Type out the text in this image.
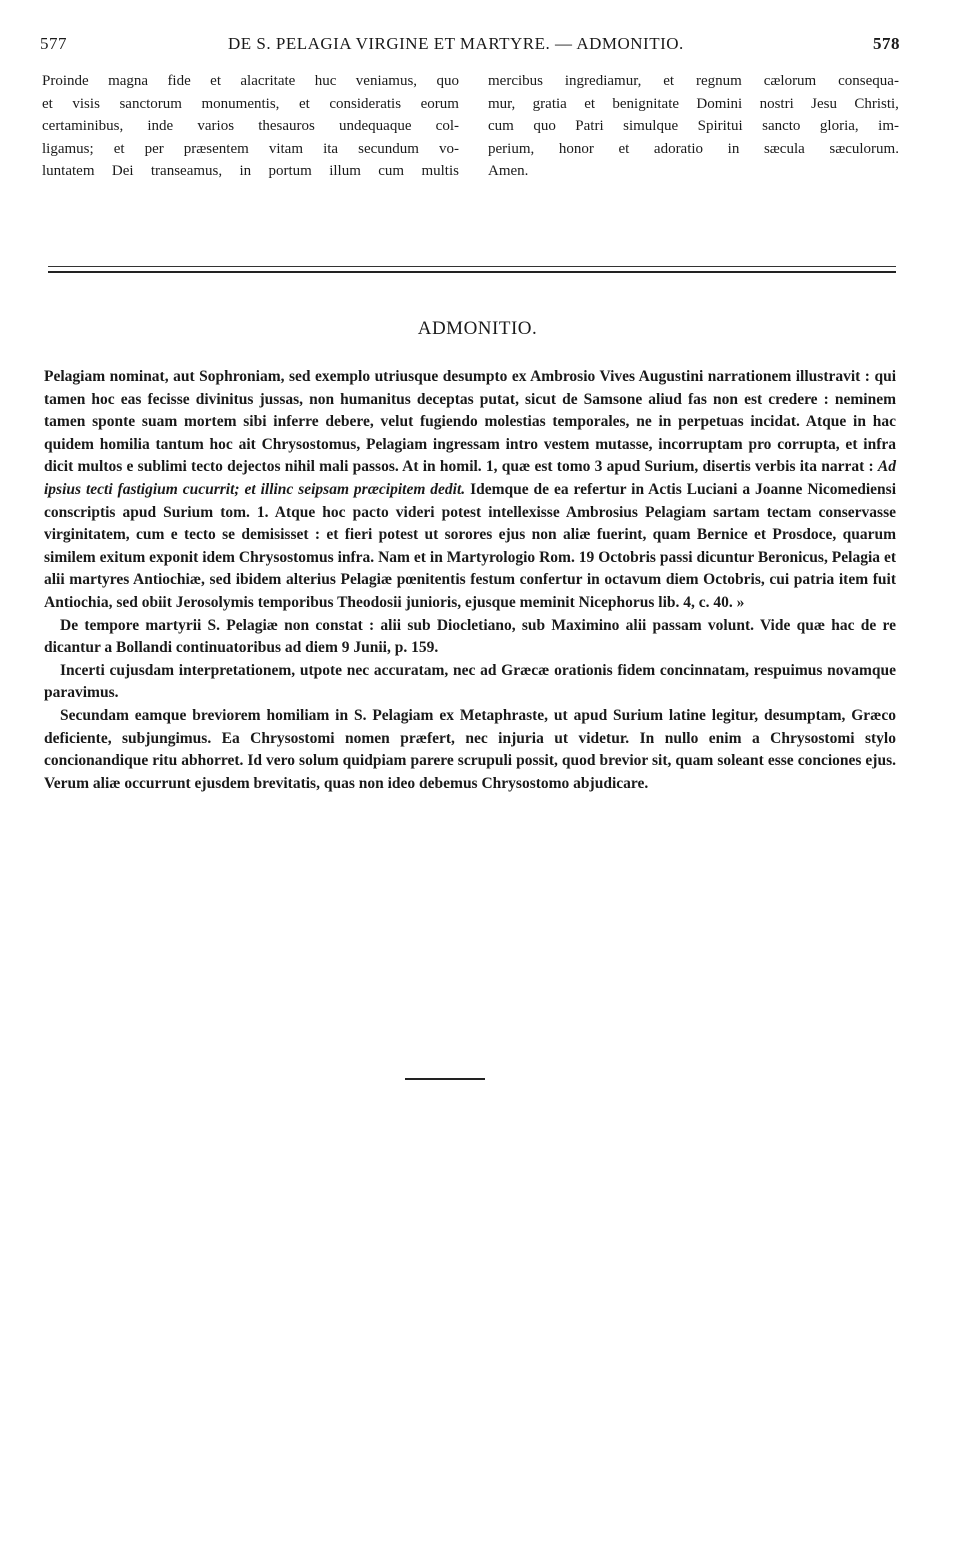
577	DE S. PELAGIA VIRGINE ET MARTYRE. — ADMONITIO.	578
Proinde magna fide et alacritate huc veniamus, quo
et visis sanctorum monumentis, et consideratis eorum
certaminibus, inde varios thesauros undequaque col-
ligamus; et per præsentem vitam ita secundum vo-
luntatem Dei transeamus, in portum illum cum multis
mercibus ingrediamur, et regnum cælorum consequa-
mur, gratia et benignitate Domini nostri Jesu Christi,
cum quo Patri simulque Spiritui sancto gloria, im-
perium, honor et adoratio in sæcula sæculorum.
Amen.
ADMONITIO.

Pelagiam nominat, aut Sophroniam, sed exemplo utriusque desumpto ex Ambrosio Vives Augustini narrationem illustravit : qui tamen hoc eas fecisse divinitus jussas, non humanitus deceptas putat, sicut de Samsone aliud fas non est credere : neminem tamen sponte suam mortem sibi inferre debere, velut fugiendo molestias temporales, ne in perpetuas incidat. Atque in hac quidem homilia tantum hoc ait Chrysostomus, Pelagiam ingressam intro vestem mutasse, incorruptam pro corrupta, et infra dicit multos e sublimi tecto dejectos nihil mali passos. At in homil. 1, quæ est tomo 3 apud Surium, disertis verbis ita narrat : Ad ipsius tecti fastigium cucurrit; et illinc seipsam præcipitem dedit. Idemque de ea refertur in Actis Luciani a Joanne Nicomediensi conscriptis apud Surium tom. 1. Atque hoc pacto videri potest intellexisse Ambrosius Pelagiam sartam tectam conservasse virginitatem, cum e tecto se demisisset : et fieri potest ut sorores ejus non aliæ fuerint, quam Bernice et Prosdoce, quarum similem exitum exponit idem Chrysostomus infra. Nam et in Martyrologio Rom. 19 Octobris passi dicuntur Beronicus, Pelagia et alii martyres Antiochiæ, sed ibidem alterius Pelagiæ pœnitentis festum confertur in octavum diem Octobris, cui patria item fuit Antiochia, sed obiit Jerosolymis temporibus Theodosii junioris, ejusque meminit Nicephorus lib. 4, c. 40. »

De tempore martyrii S. Pelagiæ non constat : alii sub Diocletiano, sub Maximino alii passam volunt. Vide quæ hac de re dicantur a Bollandi continuatoribus ad diem 9 Junii, p. 159.

Incerti cujusdam interpretationem, utpote nec accuratam, nec ad Græcæ orationis fidem concinnatam, respuimus novamque paravimus.

Secundam eamque breviorem homiliam in S. Pelagiam ex Metaphraste, ut apud Surium latine legitur, desumptam, Græco deficiente, subjungimus. Ea Chrysostomi nomen præfert, nec injuria ut videtur. In nullo enim a Chrysostomi stylo concionandique ritu abhorret. Id vero solum quidpiam parere scrupuli possit, quod brevior sit, quam soleant esse conciones ejus. Verum aliæ occurrunt ejusdem brevitatis, quas non ideo debemus Chrysostomo abjudicare.
